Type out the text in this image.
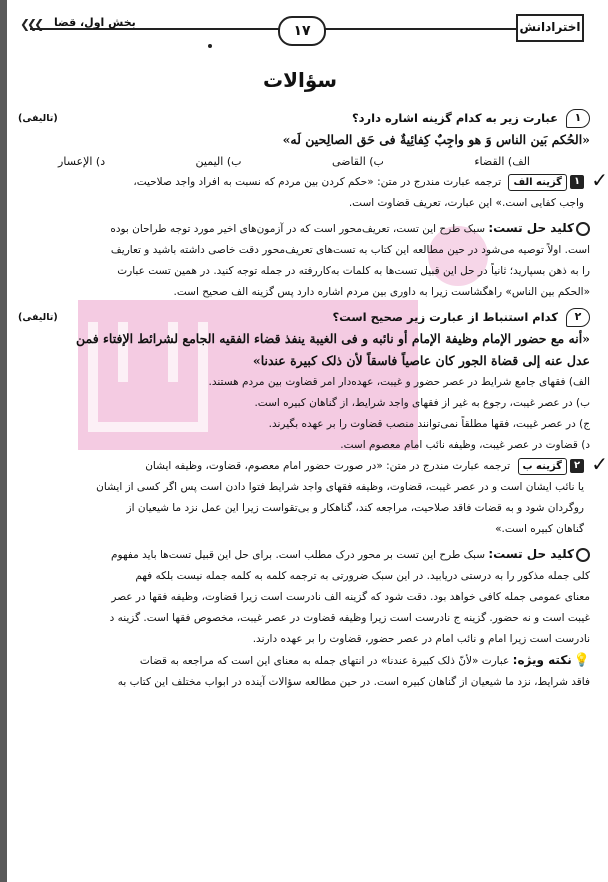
❮❮❮ بخش اول، قضا
۱۷	اخترادانش
سؤالات
۱ عبارت زیر به کدام گزینه اشاره دارد؟
(تالیفی)

«الحُکم بَین الناس وَ هو واجِبٌ کِفائِیةٌ فی حَق الصالِحین لَه»

الف) القضاء
ب) القاضی
ب) الیمین
د) الإعسار
✓

۱گزینه الف ترجمه عبارت مندرج در متن: «حکم کردن بین مردم که نسبت به افراد واجد صلاحیت،

واجب کفایی است.» این عبارت، تعریف قضاوت است.

کلید حل تست: سبک طرح این تست، تعریف‌محور است که در آزمون‌های اخیر مورد توجه طراحان بوده

است. اولاً توصیه می‌شود در حین مطالعه این کتاب به تست‌های تعریف‌محور دقت خاصی داشته باشید و تعاریف

را به ذهن بسپارید؛ ثانیاً در حل این قبیل تست‌ها به کلمات به‌کاررفته در جمله توجه کنید. در همین تست عبارت

«الحکم بین الناس» راهگشاست زیرا به داوری بین مردم اشاره دارد پس گزینه الف صحیح است.

۲ کدام استنباط از عبارت زیر صحیح است؟
(تالیفی)

«أنه مع حضور الإمام وظیفة الإمام أو نائبه و فی الغیبة ینفذ قضاء الفقیه الجامع لشرائط الإفتاء فمن

عدل عنه إلی قضاة الجور کان عاصیاً فاسقاً لأن ذلک کبیرة عندنا»

الف) فقهای جامع شرایط در عصر حضور و غیبت، عهده‌دار امر قضاوت بین مردم هستند.

ب) در عصر غیبت، رجوع به غیر از فقهای واجد شرایط، از گناهان کبیره است.

ج) در عصر غیبت، فقها مطلقاً نمی‌توانند منصب قضاوت را بر عهده بگیرند.

د) قضاوت در عصر غیبت، وظیفه نائب امام معصوم است.

✓

۲گزینه ب ترجمه عبارت مندرج در متن: «در صورت حضور امام معصوم، قضاوت، وظیفه ایشان

یا نائب ایشان است و در عصر غیبت، قضاوت، وظیفه فقهای واجد شرایط فتوا دادن است پس اگر کسی از ایشان

روگردان شود و به قضات فاقد صلاحیت، مراجعه کند، گناهکار و بی‌تقواست زیرا این عمل نزد ما شیعیان از

گناهان کبیره است.»

کلید حل تست: سبک طرح این تست بر محور درک مطلب است. برای حل این قبیل تست‌ها باید مفهوم

کلی جمله مذکور را به درستی دریابید. در این سبک ضرورتی به ترجمه کلمه به کلمه جمله نیست بلکه فهم

معنای عمومی جمله کافی خواهد بود. دقت شود که گزینه الف نادرست است زیرا قضاوت، وظیفه فقها در عصر

غیبت است و نه حضور. گزینه ج نادرست است زیرا وظیفه قضاوت در عصر غیبت، مخصوص فقها است. گزینه د

نادرست است زیرا امام و نائب امام در عصر حضور، قضاوت را بر عهده دارند.

💡نکته ویژه: عبارت «لأنّ ذلک کبیرة عندنا» در انتهای جمله به معنای این است که مراجعه به قضات

فاقد شرایط، نزد ما شیعیان از گناهان کبیره است. در حین مطالعه سؤالات آینده در ابواب مختلف این کتاب به
